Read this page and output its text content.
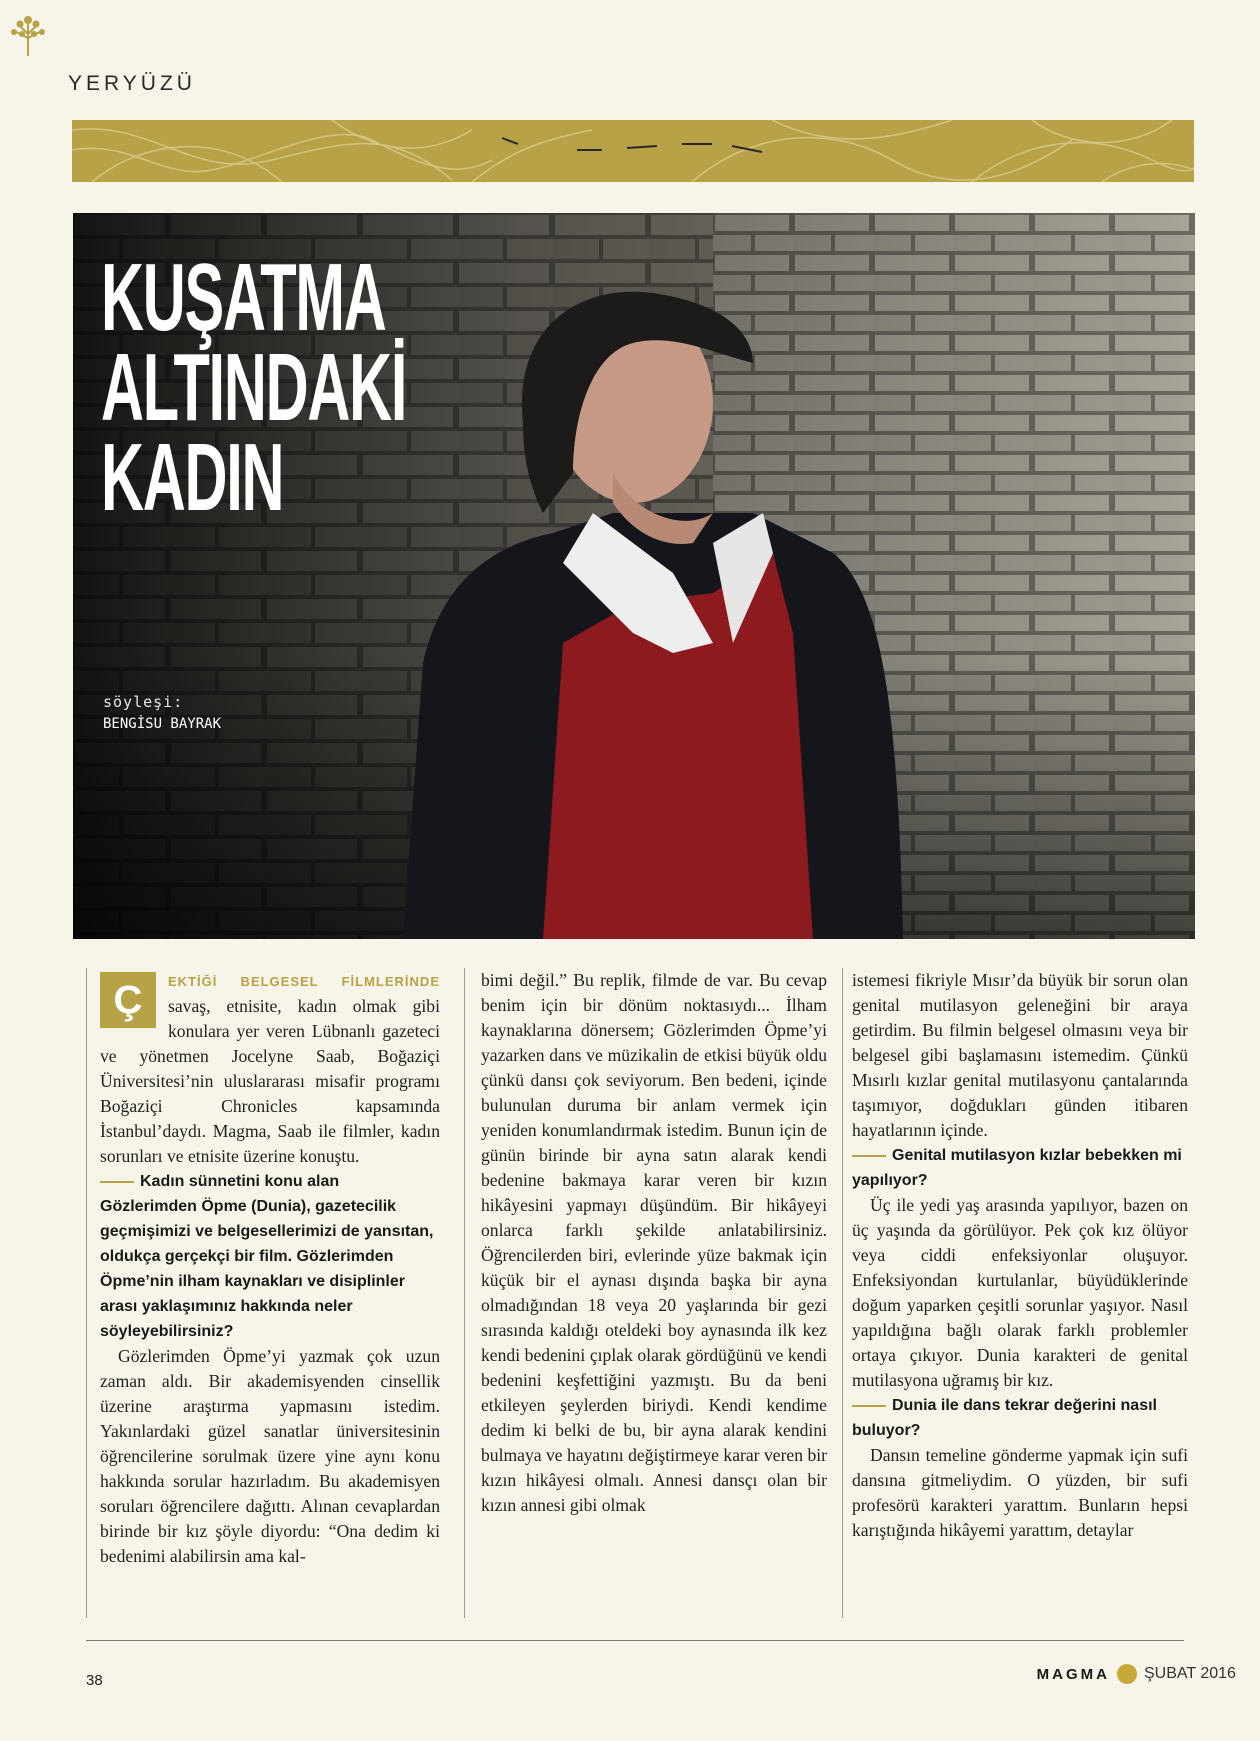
YERYÜZÜ
KUŞATMA
ALTINDAKİ
KADIN
söyleşi:
BENGİSU BAYRAK

Ç	EKTİĞİ BELGESEL FİLMLERİNDE savaş, etnisite, kadın olmak gibi konulara yer veren Lübnanlı gazeteci ve yönetmen Jocelyne Saab, Boğaziçi Üniversitesi’nin uluslararası misafir programı Boğaziçi Chronicles kapsamında İstanbul’daydı. Magma, Saab ile filmler, kadın sorunları ve etnisite üzerine konuştu.

Kadın sünnetini konu alan Gözlerimden Öpme (Dunia), gazetecilik geçmişimizi ve belgesellerimizi de yansıtan, oldukça gerçekçi bir film. Gözlerimden Öpme’nin ilham kaynakları ve disiplinler arası yaklaşımınız hakkında neler söyleyebilirsiniz?

Gözlerimden Öpme’yi yazmak çok uzun zaman aldı. Bir akademisyenden cinsellik üzerine araştırma yapmasını istedim. Yakınlardaki güzel sanatlar üniversitesinin öğrencilerine sorulmak üzere yine aynı konu hakkında sorular hazırladım. Bu akademisyen soruları öğrencilere dağıttı. Alınan cevaplardan birinde bir kız şöyle diyordu: “Ona dedim ki bedenimi alabilirsin ama kal-

bimi değil.” Bu replik, filmde de var. Bu cevap benim için bir dönüm noktasıydı... İlham kaynaklarına dönersem; Gözlerimden Öpme’yi yazarken dans ve müzikalin de etkisi büyük oldu çünkü dansı çok seviyorum. Ben bedeni, içinde bulunulan duruma bir anlam vermek için yeniden konumlandırmak istedim. Bunun için de günün birinde bir ayna satın alarak kendi bedenine bakmaya karar veren bir kızın hikâyesini yapmayı düşündüm. Bir hikâyeyi onlarca farklı şekilde anlatabilirsiniz. Öğrencilerden biri, evlerinde yüze bakmak için küçük bir el aynası dışında başka bir ayna olmadığından 18 veya 20 yaşlarında bir gezi sırasında kaldığı oteldeki boy aynasında ilk kez kendi bedenini çıplak olarak gördüğünü ve kendi bedenini keşfettiğini yazmıştı. Bu da beni etkileyen şeylerden biriydi. Kendi kendime dedim ki belki de bu, bir ayna alarak kendini bulmaya ve hayatını değiştirmeye karar veren bir kızın hikâyesi olmalı. Annesi dansçı olan bir kızın annesi gibi olmak

istemesi fikriyle Mısır’da büyük bir sorun olan genital mutilasyon geleneğini bir araya getirdim. Bu filmin belgesel olmasını veya bir belgesel gibi başlamasını istemedim. Çünkü Mısırlı kızlar genital mutilasyonu çantalarında taşımıyor, doğdukları günden itibaren hayatlarının içinde.

Genital mutilasyon kızlar bebekken mi yapılıyor?

Üç ile yedi yaş arasında yapılıyor, bazen on üç yaşında da görülüyor. Pek çok kız ölüyor veya ciddi enfeksiyonlar oluşuyor. Enfeksiyondan kurtulanlar, büyüdüklerinde doğum yaparken çeşitli sorunlar yaşıyor. Nasıl yapıldığına bağlı olarak farklı problemler ortaya çıkıyor. Dunia karakteri de genital mutilasyona uğramış bir kız.

Dunia ile dans tekrar değerini nasıl buluyor?

Dansın temeline gönderme yapmak için sufi dansına gitmeliydim. O yüzden, bir sufi profesörü karakteri yarattım. Bunların hepsi karıştığında hikâyemi yarattım, detaylar

38	MAGMA ŞUBAT 2016
